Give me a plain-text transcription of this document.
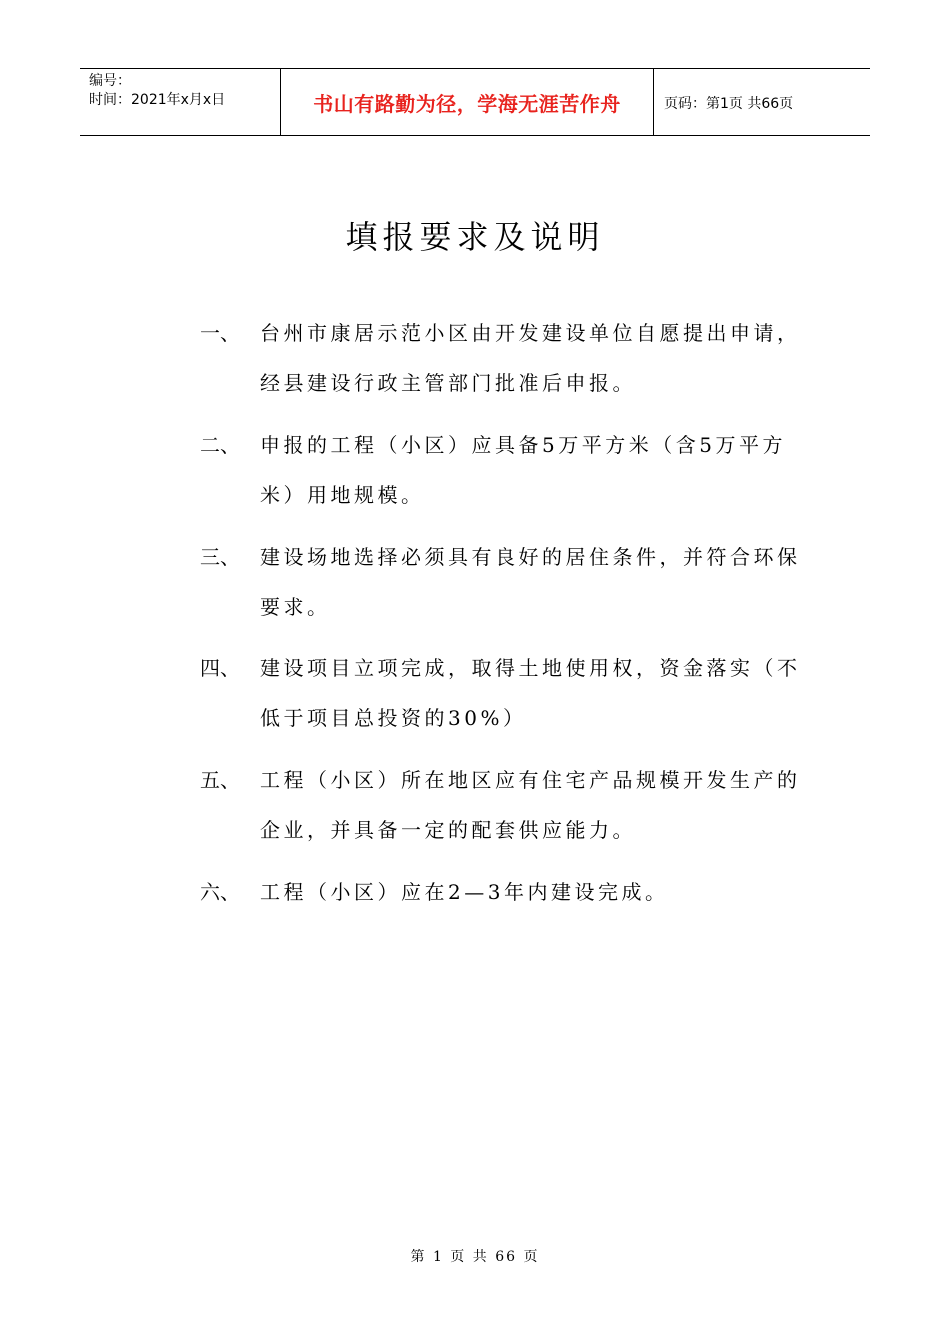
编号：
时间：2021年x月x日	书山有路勤为径，学海无涯苦作舟	页码：第1页 共66页
填报要求及说明
一、	台州市康居示范小区由开发建设单位自愿提出申请，经县建设行政主管部门批准后申报。
二、	申报的工程（小区）应具备5万平方米（含5万平方米）用地规模。
三、	建设场地选择必须具有良好的居住条件，并符合环保要求。
四、	建设项目立项完成，取得土地使用权，资金落实（不低于项目总投资的30%）
五、	工程（小区）所在地区应有住宅产品规模开发生产的企业，并具备一定的配套供应能力。
六、	工程（小区）应在2—3年内建设完成。
第 1 页 共 66 页
